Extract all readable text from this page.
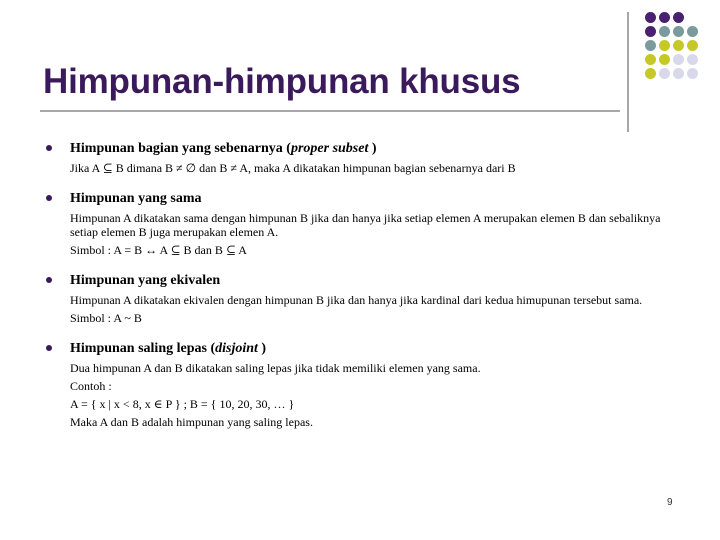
Himpunan-himpunan khusus
Himpunan bagian yang sebenarnya (proper subset )
Jika A ⊆ B dimana B ≠ ∅ dan B ≠ A, maka A dikatakan himpunan bagian sebenarnya dari B
Himpunan yang sama
Himpunan A dikatakan sama dengan himpunan B jika dan hanya jika setiap elemen A merupakan elemen B dan sebaliknya setiap elemen B juga merupakan elemen A.
Simbol : A = B ↔ A ⊆ B dan B ⊆ A
Himpunan yang ekivalen
Himpunan A dikatakan ekivalen dengan himpunan B jika dan hanya jika kardinal dari kedua himupunan tersebut sama.
Simbol : A ~ B
Himpunan saling lepas (disjoint )
Dua himpunan A dan B dikatakan saling lepas jika tidak memiliki elemen yang sama.
Contoh :
A = { x | x < 8, x ∈ P } ; B = { 10, 20, 30, … }
Maka A dan B adalah himpunan yang saling lepas.
9
